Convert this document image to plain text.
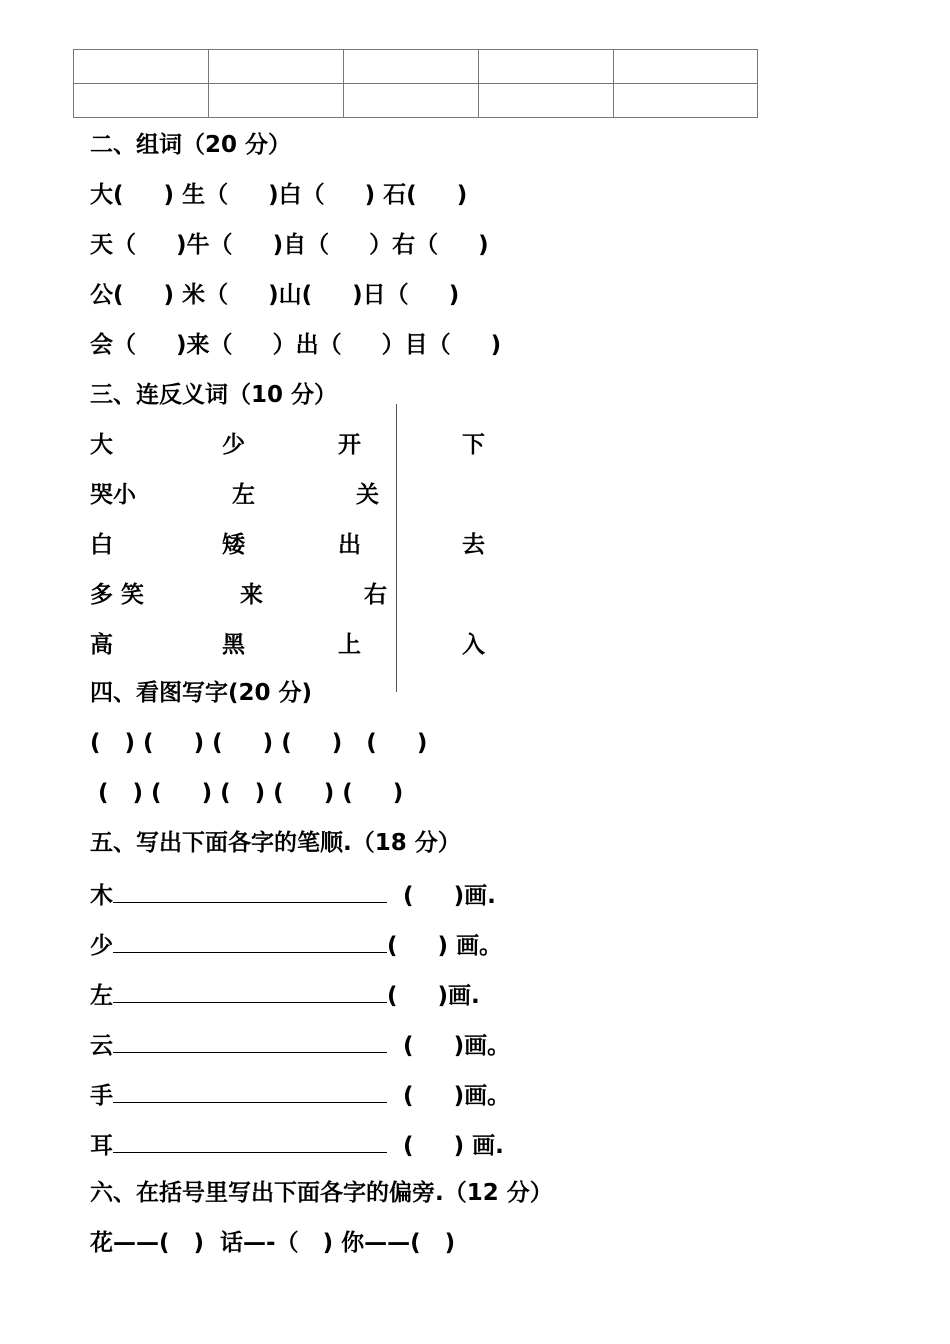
二、组词（20 分）
大(     ) 生（     )白（     ) 石(     )
天（     )牛（     )自（     ）右（     )
公(     ) 米（     )山(     )日（     )
会（     )来（     ）出（     ）目（     )
三、连反义词（10 分）
大	少	开	下
哭小	左	关
白	矮	出	去
多 笑	来	右
高	黑	上	入
四、看图写字(20 分)
(   ) (     ) (     ) (     )   (     )
(   ) (     ) (   ) (     ) (     )
五、写出下面各字的笔顺.（18 分）
木	(     )画.
少	(     ) 画。
左	(     )画.
云	(     )画。
手	(     )画。
耳	(     ) 画.
六、在括号里写出下面各字的偏旁.（12 分）
花——(   )  话—-（   ) 你——(   )
